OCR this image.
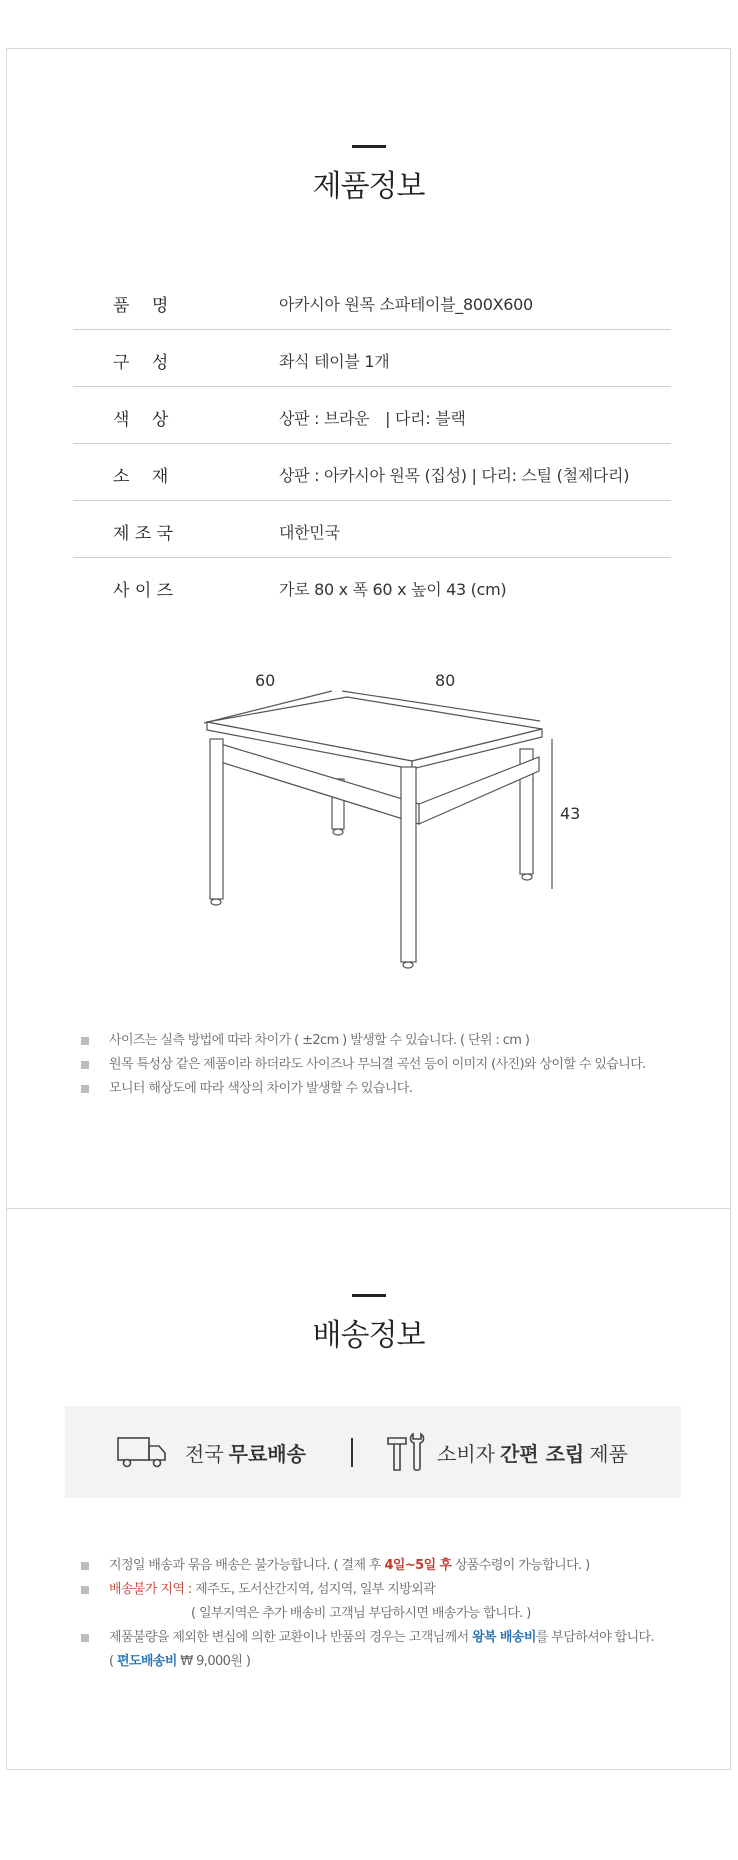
제품정보
품　 명	아카시아 원목 소파테이블_800X600
구　 성	좌식 테이블 1개
색　 상	상판 : 브라운　| 다리: 블랙
소　 재	상판 : 아카시아 원목 (집성) | 다리: 스틸 (철제다리)
제 조 국	대한민국
사 이 즈	가로 80 x 폭 60 x 높이 43 (cm)
60	80
43
사이즈는 실측 방법에 따라 차이가 ( ±2cm ) 발생할 수 있습니다. ( 단위 : cm )
원목 특성상 같은 제품이라 하더라도 사이즈나 무늬결 곡선 등이 이미지 (사진)와 상이할 수 있습니다.
모니터 해상도에 따라 색상의 차이가 발생할 수 있습니다.
배송정보
전국 무료배송	소비자 간편 조립 제품
지정일 배송과 묶음 배송은 불가능합니다. ( 결제 후 4일~5일 후 상품수령이 가능합니다. )
배송불가 지역 : 제주도, 도서산간지역, 섬지역, 일부 지방외곽
( 일부지역은 추가 배송비 고객님 부담하시면 배송가능 합니다. )
제품불량을 제외한 변심에 의한 교환이나 반품의 경우는 고객님께서 왕복 배송비를 부담하셔야 합니다.
( 편도배송비 ₩ 9,000원 )
